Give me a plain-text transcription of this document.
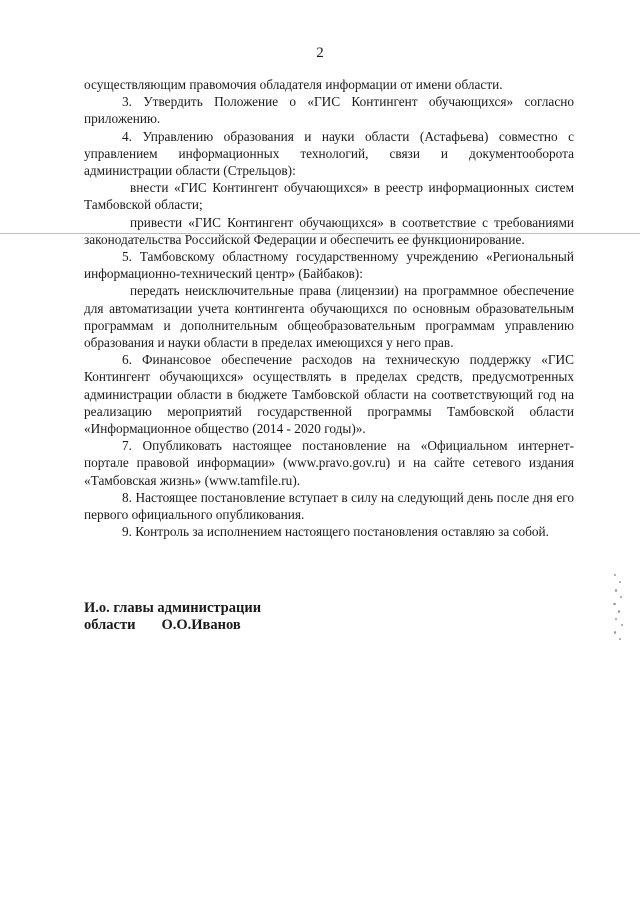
2

осуществляющим правомочия обладателя информации от имени области.

3. Утвердить Положение о «ГИС Контингент обучающихся» согласно приложению.

4. Управлению образования и науки области (Астафьева) совместно с управлением информационных технологий, связи и документооборота администрации области (Стрельцов):

внести «ГИС Контингент обучающихся» в реестр информационных систем Тамбовской области;

привести «ГИС Контингент обучающихся» в соответствие с требованиями законодательства Российской Федерации и обеспечить ее функционирование.

5. Тамбовскому областному государственному учреждению «Региональный информационно-технический центр» (Байбаков):

передать неисключительные права (лицензии) на программное обеспечение для автоматизации учета контингента обучающихся по основным образовательным программам и дополнительным общеобразовательным программам управлению образования и науки области в пределах имеющихся у него прав.

6. Финансовое обеспечение расходов на техническую поддержку «ГИС Контингент обучающихся» осуществлять в пределах средств, предусмотренных администрации области в бюджете Тамбовской области на соответствующий год на реализацию мероприятий государственной программы Тамбовской области «Информационное общество (2014 - 2020 годы)».

7. Опубликовать настоящее постановление на «Официальном интернет-портале правовой информации» (www.pravo.gov.ru) и на сайте сетевого издания «Тамбовская жизнь» (www.tamfile.ru).

8. Настоящее постановление вступает в силу на следующий день после дня его первого официального опубликования.

9. Контроль за исполнением настоящего постановления оставляю за собой.

И.о. главы администрации
области О.О.Иванов
